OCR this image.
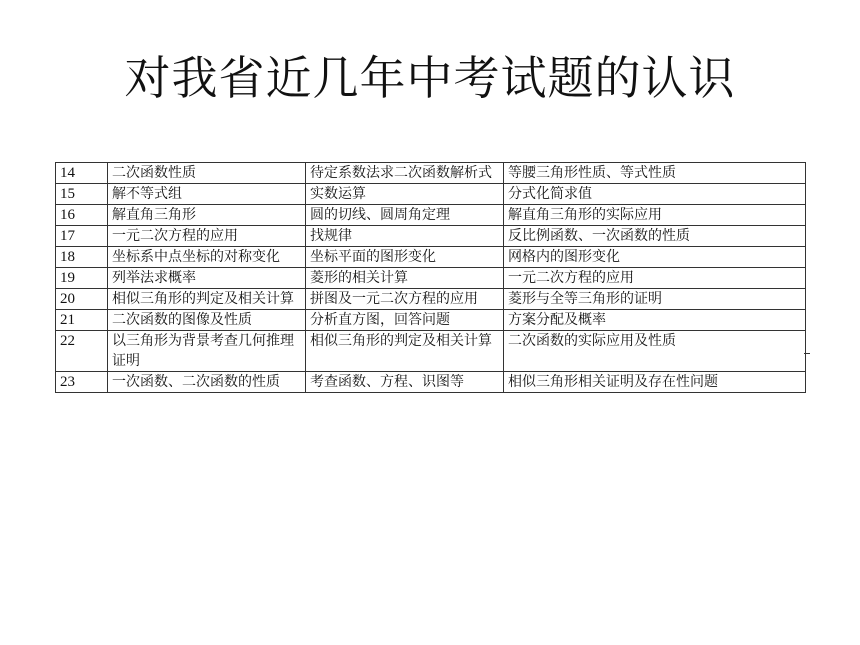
对我省近几年中考试题的认识
14	二次函数性质	待定系数法求二次函数解析式	等腰三角形性质、等式性质
15	解不等式组	实数运算	分式化简求值
16	解直角三角形	圆的切线、圆周角定理	解直角三角形的实际应用
17	一元二次方程的应用	找规律	反比例函数、一次函数的性质
18	坐标系中点坐标的对称变化	坐标平面的图形变化	网格内的图形变化
19	列举法求概率	菱形的相关计算	一元二次方程的应用
20	相似三角形的判定及相关计算	拼图及一元二次方程的应用	菱形与全等三角形的证明
21	二次函数的图像及性质	分析直方图，回答问题	方案分配及概率
22	以三角形为背景考查几何推理证明	相似三角形的判定及相关计算	二次函数的实际应用及性质
23	一次函数、二次函数的性质	考查函数、方程、识图等	相似三角形相关证明及存在性问题
